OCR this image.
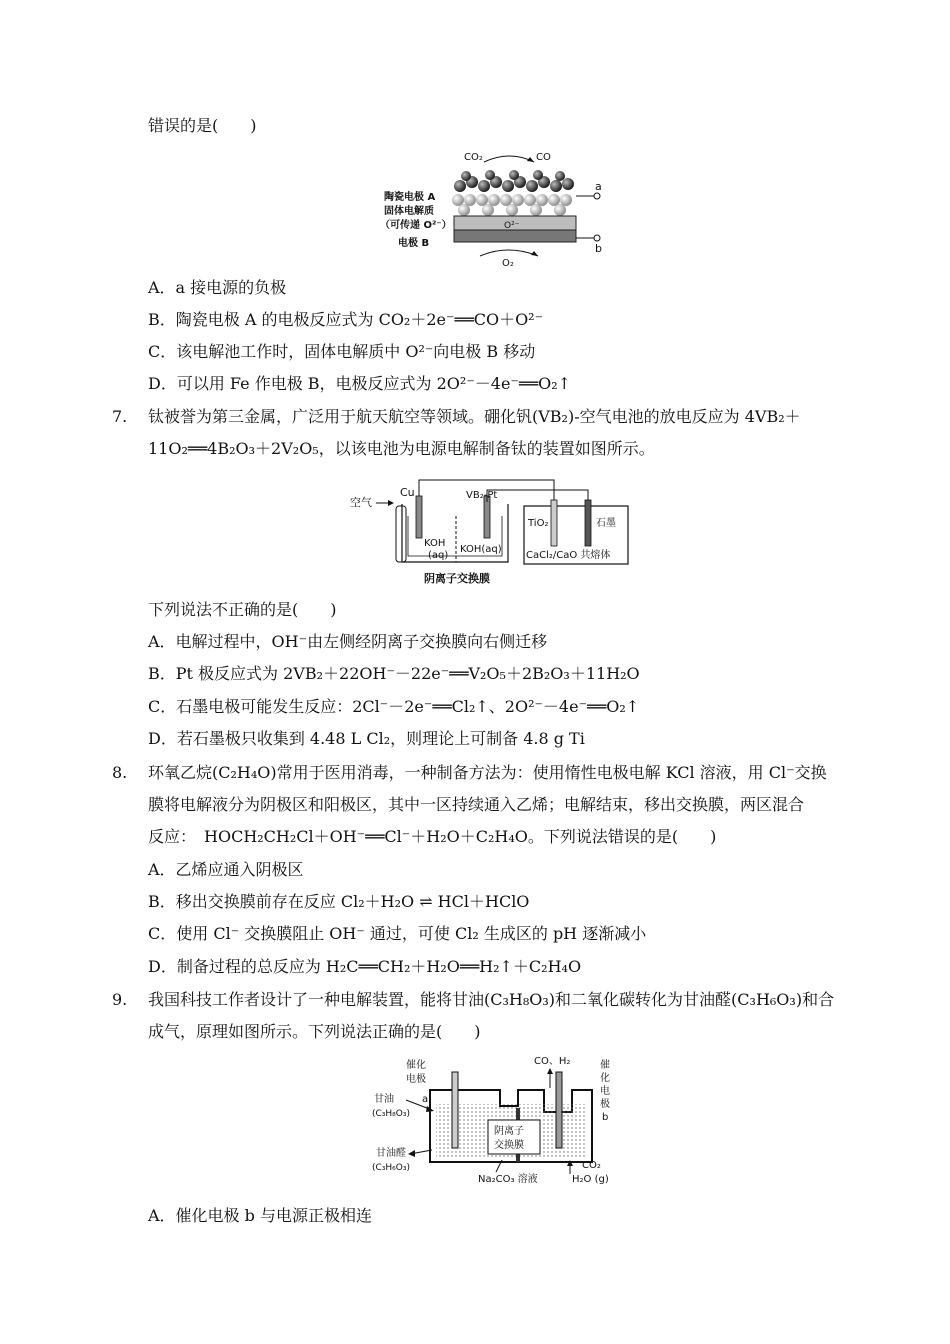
错误的是(　　)
CO₂	CO
O²⁻
a
b
陶瓷电极 A
固体电解质
（可传递 O²⁻）
电极 B
O₂
A．a 接电源的负极
B．陶瓷电极 A 的电极反应式为 CO₂＋2e⁻══CO＋O²⁻
C．该电解池工作时，固体电解质中 O²⁻向电极 B 移动
D．可以用 Fe 作电极 B，电极反应式为 2O²⁻－4e⁻══O₂↑
7. 钛被誉为第三金属，广泛用于航天航空等领域。硼化钒(VB₂)-空气电池的放电反应为 4VB₂＋
11O₂══4B₂O₃＋2V₂O₅，以该电池为电源电解制备钛的装置如图所示。
空气
Cu
KOH
(aq)
KOH(aq)
VB₂-Pt
TiO₂	石墨
CaCl₂/CaO 共熔体
阴离子交换膜
下列说法不正确的是(　　)
A．电解过程中，OH⁻由左侧经阴离子交换膜向右侧迁移
B．Pt 极反应式为 2VB₂＋22OH⁻－22e⁻══V₂O₅＋2B₂O₃＋11H₂O
C．石墨电极可能发生反应：2Cl⁻－2e⁻══Cl₂↑、2O²⁻－4e⁻══O₂↑
D．若石墨极只收集到 4.48 L Cl₂，则理论上可制备 4.8 g Ti
8. 环氧乙烷(C₂H₄O)常用于医用消毒，一种制备方法为：使用惰性电极电解 KCl 溶液，用 Cl⁻交换
膜将电解液分为阴极区和阳极区，其中一区持续通入乙烯；电解结束，移出交换膜，两区混合
反应：　HOCH₂CH₂Cl＋OH⁻══Cl⁻＋H₂O＋C₂H₄O。下列说法错误的是(　　)
A．乙烯应通入阴极区
B．移出交换膜前存在反应 Cl₂＋H₂O ⇌ HCl＋HClO
C．使用 Cl⁻ 交换膜阻止 OH⁻ 通过，可使 Cl₂ 生成区的 pH 逐渐减小
D．制备过程的总反应为 H₂C══CH₂＋H₂O══H₂↑＋C₂H₄O
9. 我国科技工作者设计了一种电解装置，能将甘油(C₃H₈O₃)和二氧化碳转化为甘油醛(C₃H₆O₃)和合
成气，原理如图所示。下列说法正确的是(　　)
催化
电极
甘油
(C₃H₈O₃)
a
甘油醛
(C₃H₆O₃)
阴离子
交换膜
Na₂CO₃ 溶液
CO、H₂	催
化
电
极
b
CO₂
H₂O (g)
A．催化电极 b 与电源正极相连
